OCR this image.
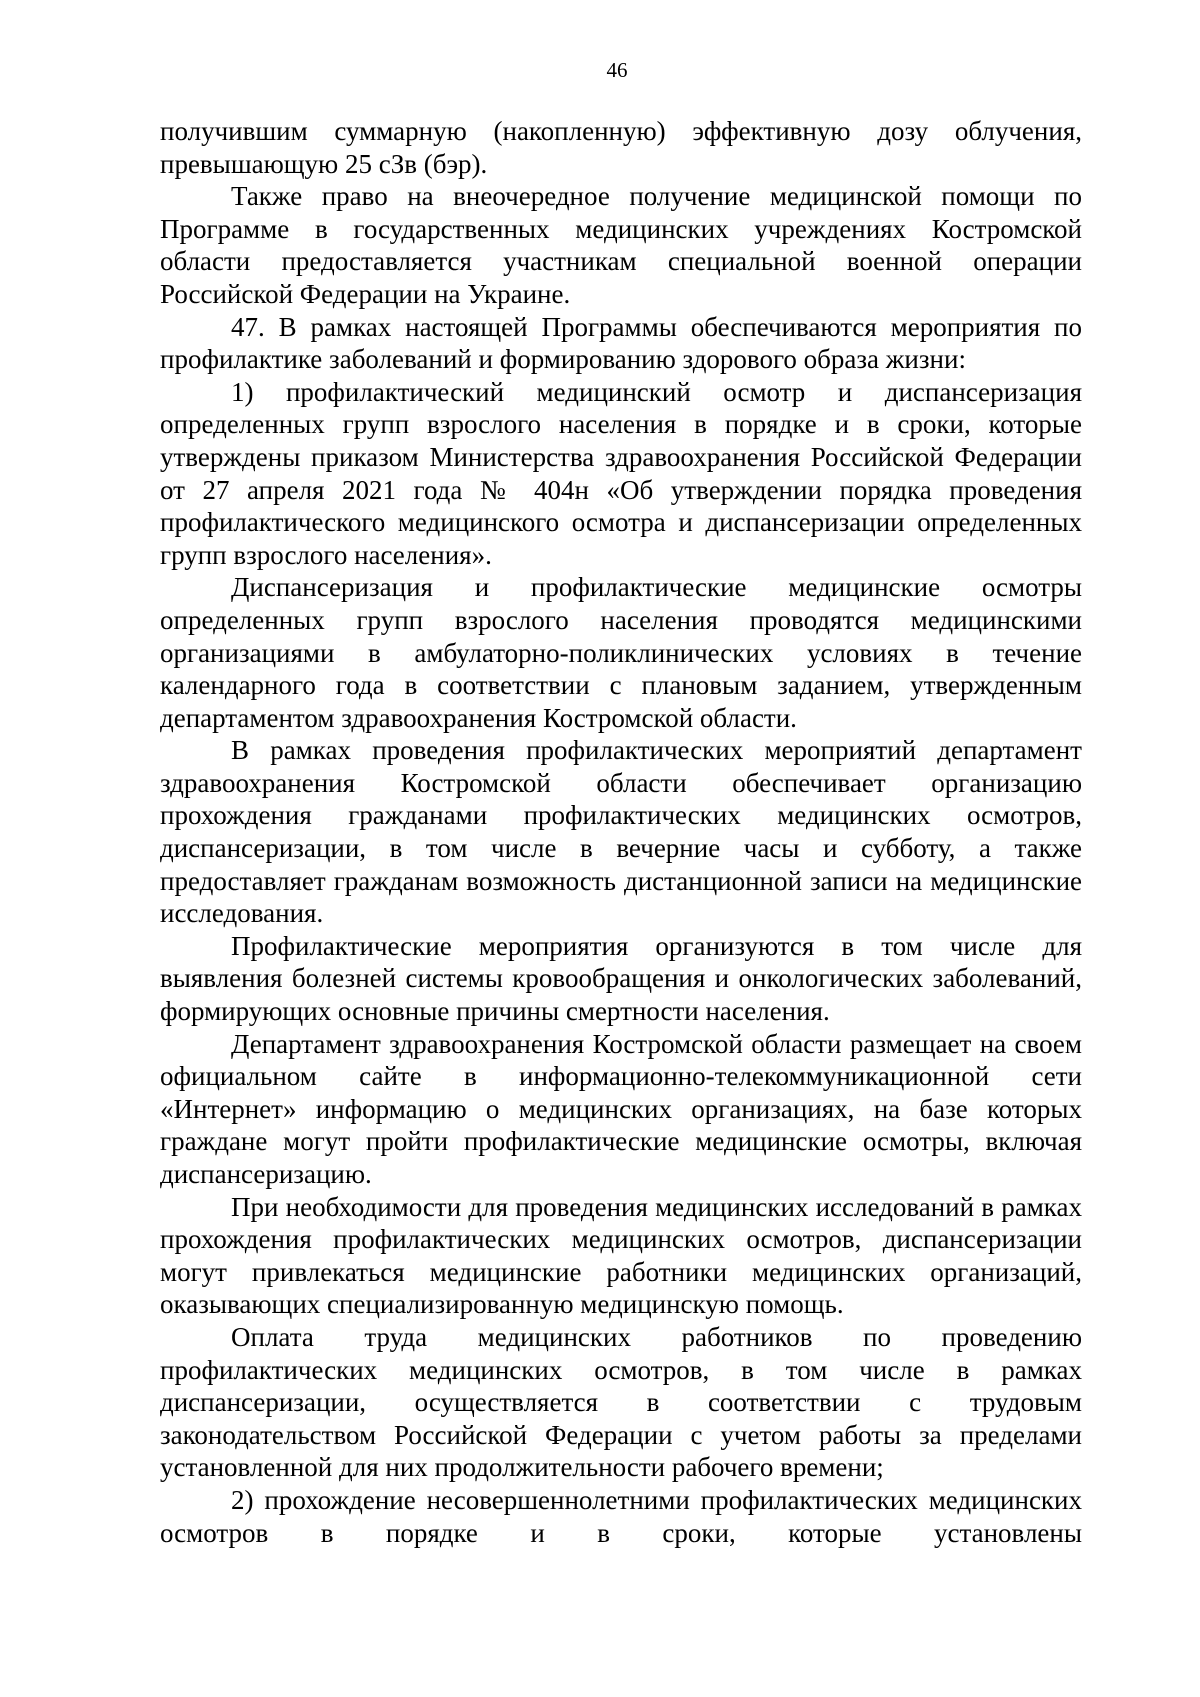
46

получившим суммарную (накопленную) эффективную дозу облучения, превышающую 25 сЗв (бэр).

Также право на внеочередное получение медицинской помощи по Программе в государственных медицинских учреждениях Костромской области предоставляется участникам специальной военной операции Российской Федерации на Украине.

47. В рамках настоящей Программы обеспечиваются мероприятия по профилактике заболеваний и формированию здорового образа жизни:

1) профилактический медицинский осмотр и диспансеризация определенных групп взрослого населения в порядке и в сроки, которые утверждены приказом Министерства здравоохранения Российской Федерации от 27 апреля 2021 года № 404н «Об утверждении порядка проведения профилактического медицинского осмотра и диспансеризации определенных групп взрослого населения».

Диспансеризация и профилактические медицинские осмотры определенных групп взрослого населения проводятся медицинскими организациями в амбулаторно-поликлинических условиях в течение календарного года в соответствии с плановым заданием, утвержденным департаментом здравоохранения Костромской области.

В рамках проведения профилактических мероприятий департамент здравоохранения Костромской области обеспечивает организацию прохождения гражданами профилактических медицинских осмотров, диспансеризации, в том числе в вечерние часы и субботу, а также предоставляет гражданам возможность дистанционной записи на медицинские исследования.

Профилактические мероприятия организуются в том числе для выявления болезней системы кровообращения и онкологических заболеваний, формирующих основные причины смертности населения.

Департамент здравоохранения Костромской области размещает на своем официальном сайте в информационно-телекоммуникационной сети «Интернет» информацию о медицинских организациях, на базе которых граждане могут пройти профилактические медицинские осмотры, включая диспансеризацию.

При необходимости для проведения медицинских исследований в рамках прохождения профилактических медицинских осмотров, диспансеризации могут привлекаться медицинские работники медицинских организаций, оказывающих специализированную медицинскую помощь.

Оплата труда медицинских работников по проведению профилактических медицинских осмотров, в том числе в рамках диспансеризации, осуществляется в соответствии с трудовым законодательством Российской Федерации с учетом работы за пределами установленной для них продолжительности рабочего времени;

2) прохождение несовершеннолетними профилактических медицинских осмотров в порядке и в сроки, которые установлены
